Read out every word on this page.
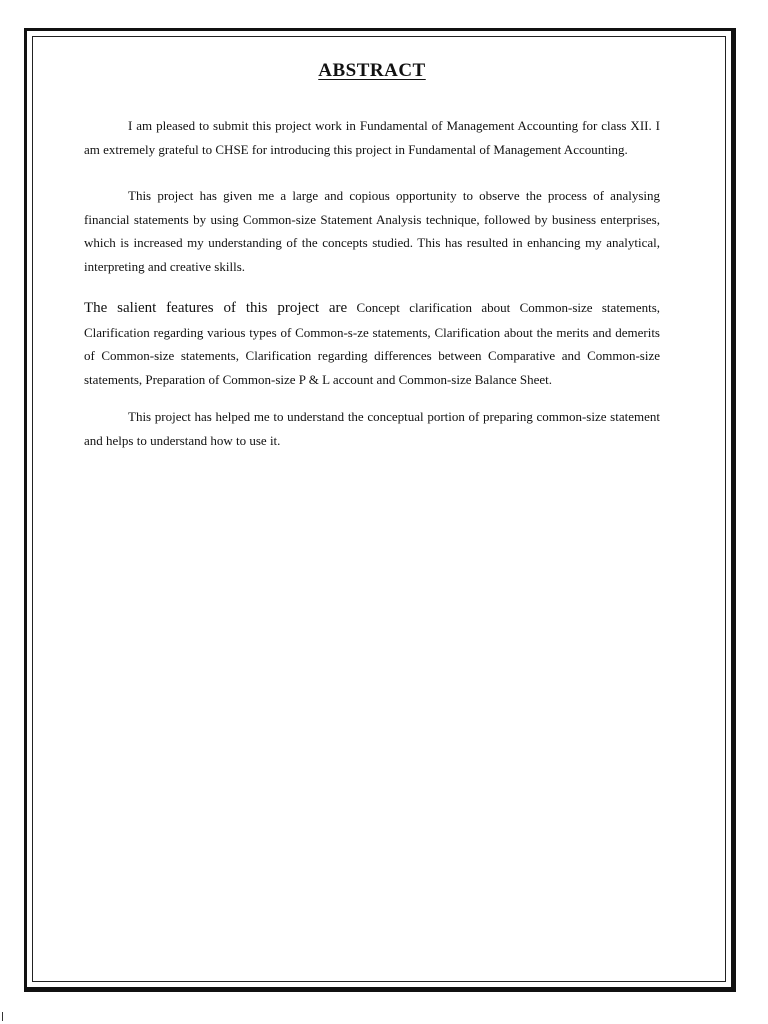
ABSTRACT

I am pleased to submit this project work in Fundamental of Management Accounting for class XII. I am extremely grateful to CHSE for introducing this project in Fundamental of Management Accounting.

This project has given me a large and copious opportunity to observe the process of analysing financial statements by using Common-size Statement Analysis technique, followed by business enterprises, which is increased my understanding of the concepts studied. This has resulted in enhancing my analytical, interpreting and creative skills.

The salient features of this project are Concept clarification about Common-size statements, Clarification regarding various types of Common-s-ze statements, Clarification about the merits and demerits of Common-size statements, Clarification regarding differences between Comparative and Common-size statements, Preparation of Common-size P & L account and Common-size Balance Sheet.

This project has helped me to understand the conceptual portion of preparing common-size statement and helps to understand how to use it.
